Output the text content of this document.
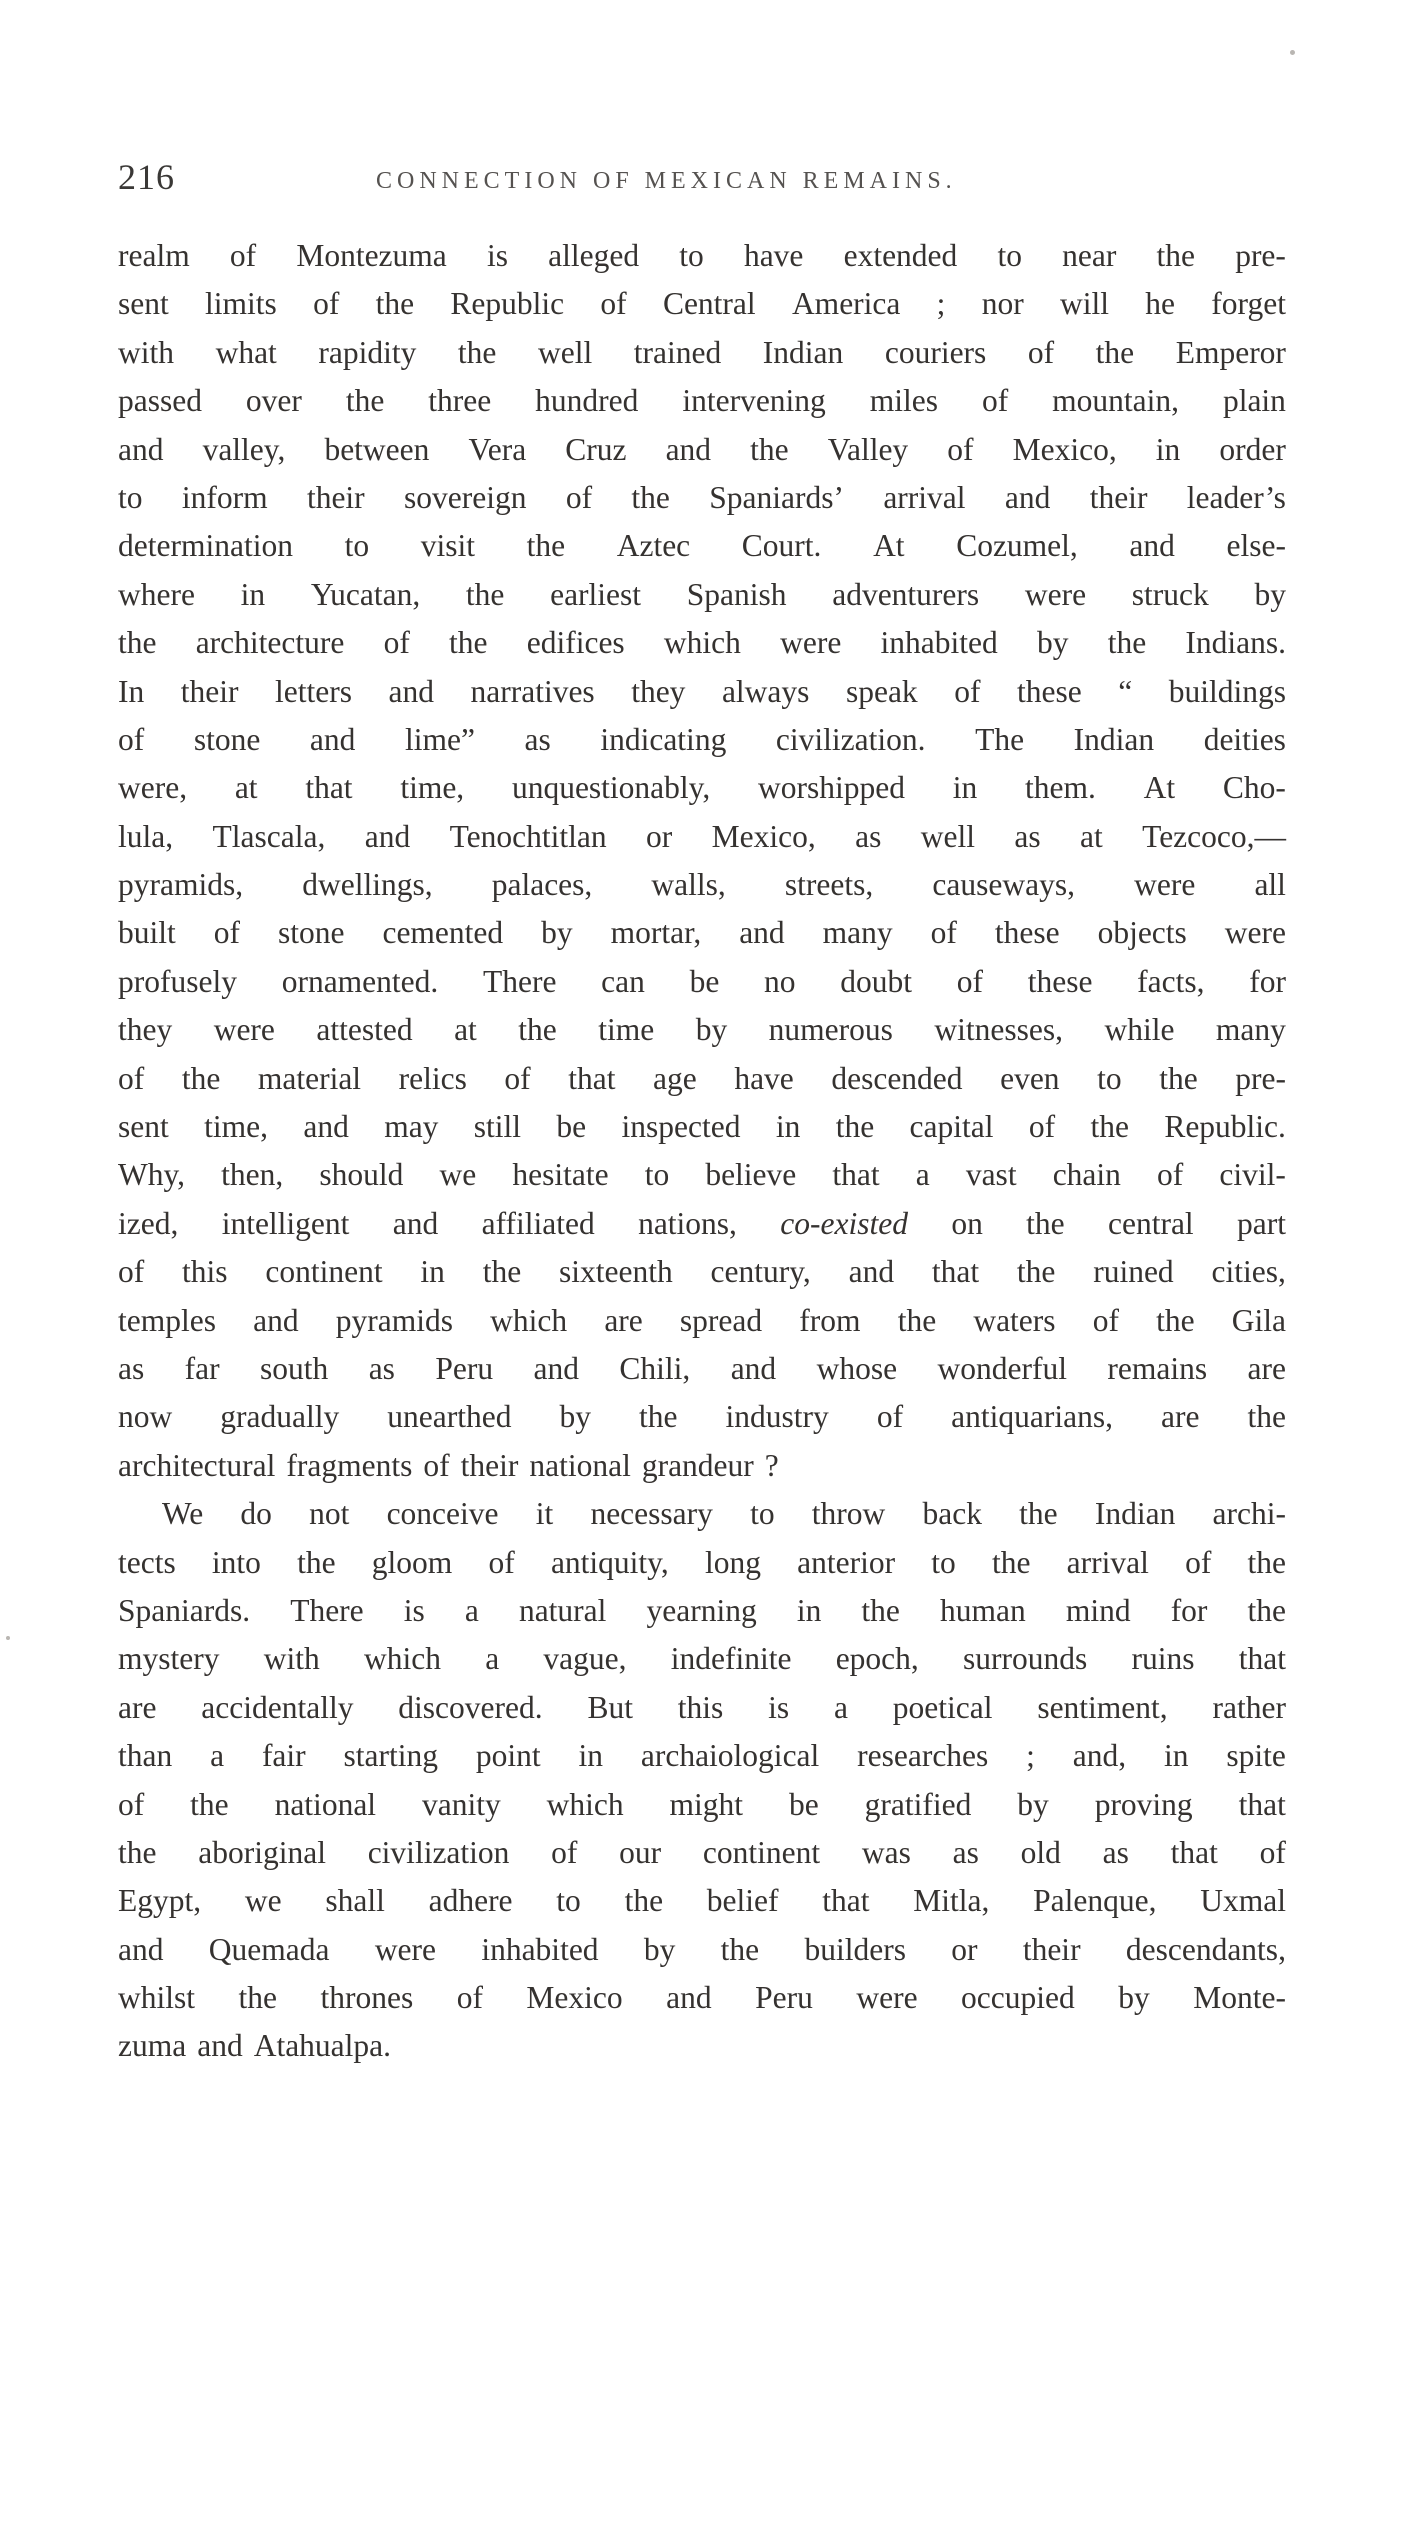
216	CONNECTION OF MEXICAN REMAINS.
realm of Montezuma is alleged to have extended to near the pre-
sent limits of the Republic of Central America ; nor will he forget
with what rapidity the well trained Indian couriers of the Emperor
passed over the three hundred intervening miles of mountain, plain
and valley, between Vera Cruz and the Valley of Mexico, in order
to inform their sovereign of the Spaniards’ arrival and their leader’s
determination to visit the Aztec Court. At Cozumel, and else-
where in Yucatan, the earliest Spanish adventurers were struck by
the architecture of the edifices which were inhabited by the Indians.
In their letters and narratives they always speak of these “ buildings
of stone and lime” as indicating civilization. The Indian deities
were, at that time, unquestionably, worshipped in them. At Cho-
lula, Tlascala, and Tenochtitlan or Mexico, as well as at Tezcoco,—
pyramids, dwellings, palaces, walls, streets, causeways, were all
built of stone cemented by mortar, and many of these objects were
profusely ornamented. There can be no doubt of these facts, for
they were attested at the time by numerous witnesses, while many
of the material relics of that age have descended even to the pre-
sent time, and may still be inspected in the capital of the Republic.
Why, then, should we hesitate to believe that a vast chain of civil-
ized, intelligent and affiliated nations, co-existed on the central part
of this continent in the sixteenth century, and that the ruined cities,
temples and pyramids which are spread from the waters of the Gila
as far south as Peru and Chili, and whose wonderful remains are
now gradually unearthed by the industry of antiquarians, are the
architectural fragments of their national grandeur ?
We do not conceive it necessary to throw back the Indian archi-
tects into the gloom of antiquity, long anterior to the arrival of the
Spaniards. There is a natural yearning in the human mind for the
mystery with which a vague, indefinite epoch, surrounds ruins that
are accidentally discovered. But this is a poetical sentiment, rather
than a fair starting point in archaiological researches ; and, in spite
of the national vanity which might be gratified by proving that
the aboriginal civilization of our continent was as old as that of
Egypt, we shall adhere to the belief that Mitla, Palenque, Uxmal
and Quemada were inhabited by the builders or their descendants,
whilst the thrones of Mexico and Peru were occupied by Monte-
zuma and Atahualpa.
